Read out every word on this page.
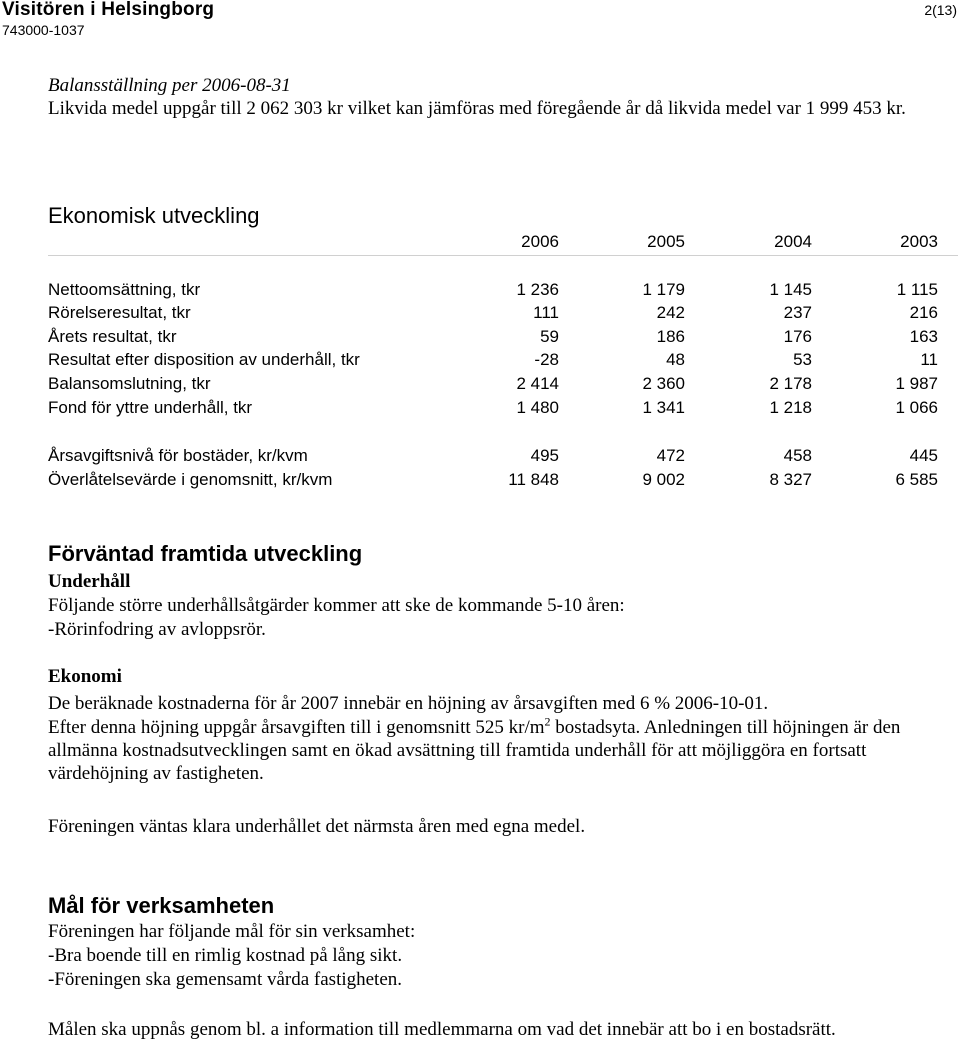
Visitören i Helsingborg
743000-1037
2(13)
Balansställning per 2006-08-31
Likvida medel uppgår till 2 062 303 kr vilket kan jämföras med föregående år då likvida medel var 1 999 453 kr.
Ekonomisk utveckling
2006	2005	2004	2003
Nettoomsättning, tkr	1 236	1 179	1 145	1 115
Rörelseresultat, tkr	111	242	237	216
Årets resultat, tkr	59	186	176	163
Resultat efter disposition av underhåll, tkr	-28	48	53	11
Balansomslutning, tkr	2 414	2 360	2 178	1 987
Fond för yttre underhåll, tkr	1 480	1 341	1 218	1 066
Årsavgiftsnivå för bostäder, kr/kvm	495	472	458	445
Överlåtelsevärde i genomsnitt, kr/kvm	11 848	9 002	8 327	6 585
Förväntad framtida utveckling
Underhåll
Följande större underhållsåtgärder kommer att ske de kommande 5-10 åren:
-Rörinfodring av avloppsrör.
Ekonomi
De beräknade kostnaderna för år 2007 innebär en höjning av årsavgiften med 6 % 2006-10-01.
Efter denna höjning uppgår årsavgiften till i genomsnitt 525 $kr/m^2$ bostadsyta. Anledningen till höjningen är den allmänna kostnadsutvecklingen samt en ökad avsättning till framtida underhåll för att möjliggöra en fortsatt värdehöjning av fastigheten.
Föreningen väntas klara underhållet det närmsta åren med egna medel.
Mål för verksamheten
Föreningen har följande mål för sin verksamhet:
-Bra boende till en rimlig kostnad på lång sikt.
-Föreningen ska gemensamt vårda fastigheten.
Målen ska uppnås genom bl. a information till medlemmarna om vad det innebär att bo i en bostadsrätt.
